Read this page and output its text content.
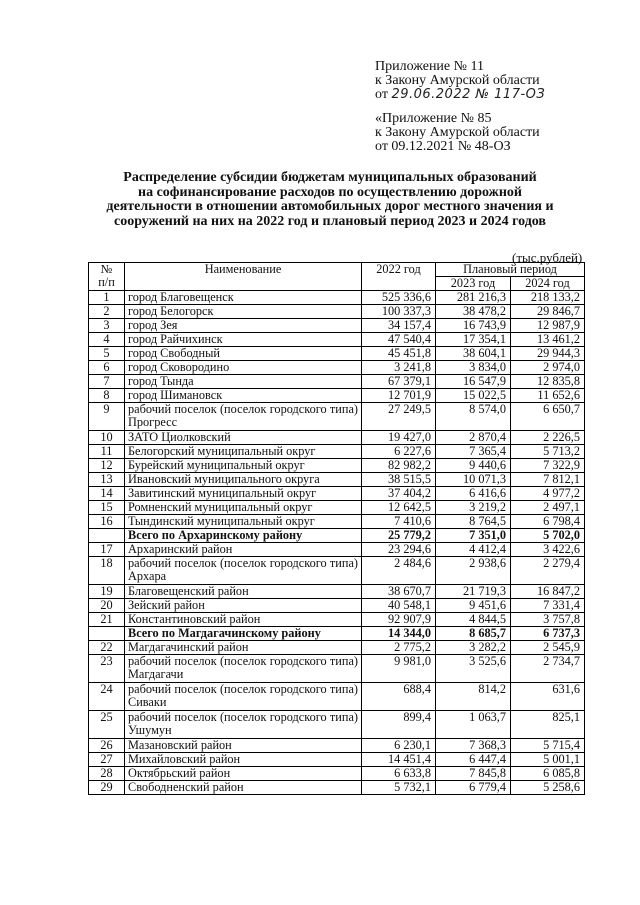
Приложение № 11
к Закону Амурской области
от 29.06.2022 № 117-ОЗ
«Приложение № 85
к Закону Амурской области
от 09.12.2021 № 48-ОЗ
Распределение субсидии бюджетам муниципальных образований
на софинансирование расходов по осуществлению дорожной
деятельности в отношении автомобильных дорог местного значения и
сооружений на них на 2022 год и плановый период 2023 и 2024 годов
(тыс.рублей)
№
п/п	Наименование	2022 год	Плановый период	
			2023 год	2024 год
1	город Благовещенск	525 336,6	281 216,3	218 133,2
2	город Белогорск	100 337,3	38 478,2	29 846,7
3	город Зея	34 157,4	16 743,9	12 987,9
4	город Райчихинск	47 540,4	17 354,1	13 461,2
5	город Свободный	45 451,8	38 604,1	29 944,3
6	город Сковородино	3 241,8	3 834,0	2 974,0
7	город Тында	67 379,1	16 547,9	12 835,8
8	город Шимановск	12 701,9	15 022,5	11 652,6
9	рабочий поселок (поселок городского типа) Прогресс	27 249,5	8 574,0	6 650,7
10	ЗАТО Циолковский	19 427,0	2 870,4	2 226,5
11	Белогорский муниципальный округ	6 227,6	7 365,4	5 713,2
12	Бурейский муниципальный округ	82 982,2	9 440,6	7 322,9
13	Ивановский муниципального округа	38 515,5	10 071,3	7 812,1
14	Завитинский муниципальный округ	37 404,2	6 416,6	4 977,2
15	Ромненский муниципальный округ	12 642,5	3 219,2	2 497,1
16	Тындинский муниципальный округ	7 410,6	8 764,5	6 798,4
	Всего по Архаринскому району	25 779,2	7 351,0	5 702,0
17	Архаринский район	23 294,6	4 412,4	3 422,6
18	рабочий поселок (поселок городского типа) Архара	2 484,6	2 938,6	2 279,4
19	Благовещенский район	38 670,7	21 719,3	16 847,2
20	Зейский район	40 548,1	9 451,6	7 331,4
21	Константиновский район	92 907,9	4 844,5	3 757,8
	Всего по Магдагачинскому району	14 344,0	8 685,7	6 737,3
22	Магдагачинский район	2 775,2	3 282,2	2 545,9
23	рабочий поселок (поселок городского типа) Магдагачи	9 981,0	3 525,6	2 734,7
24	рабочий поселок (поселок городского типа) Сиваки	688,4	814,2	631,6
25	рабочий поселок (поселок городского типа) Ушумун	899,4	1 063,7	825,1
26	Мазановский район	6 230,1	7 368,3	5 715,4
27	Михайловский район	14 451,4	6 447,4	5 001,1
28	Октябрьский район	6 633,8	7 845,8	6 085,8
29	Свободненский район	5 732,1	6 779,4	5 258,6
